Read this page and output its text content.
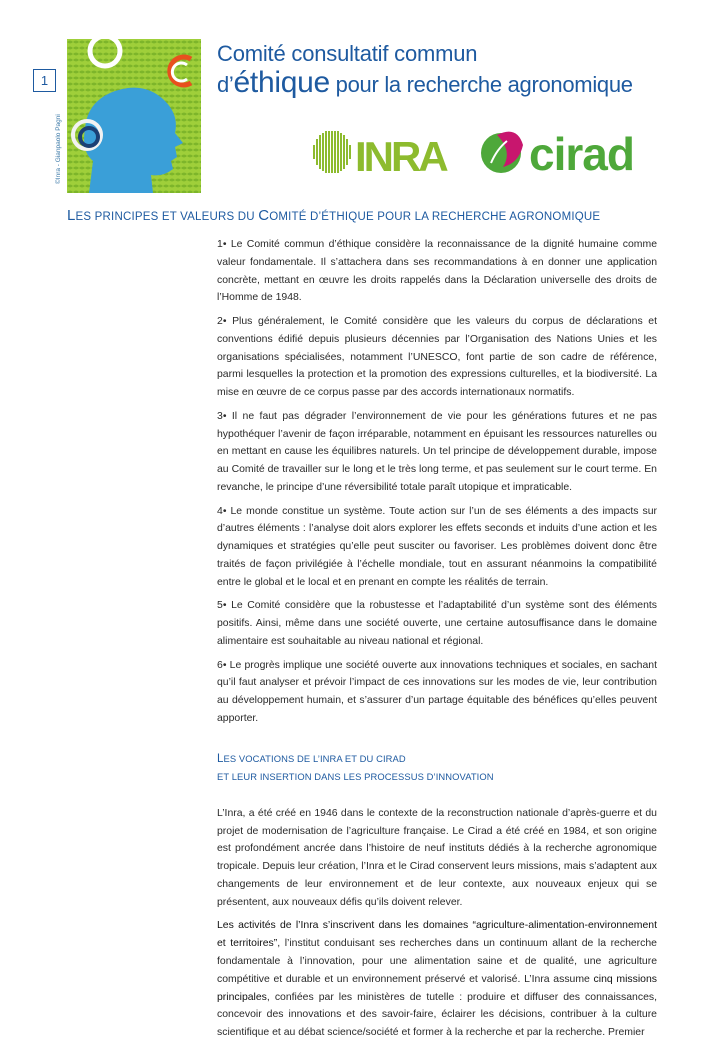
1
©Inra - Gianpaolo Pagni
Comité consultatif commun
d’éthique pour la recherche agronomique
INRA cirad
LES PRINCIPES ET VALEURS DU COMITÉ D’ÉTHIQUE POUR LA RECHERCHE AGRONOMIQUE

1• Le Comité commun d’éthique considère la reconnaissance de la dignité humaine comme valeur fondamentale. Il s’attachera dans ses recommandations à en donner une application concrète, mettant en œuvre les droits rappelés dans la Déclaration universelle des droits de l’Homme de 1948.

2• Plus généralement, le Comité considère que les valeurs du corpus de déclarations et conventions édifié depuis plusieurs décennies par l’Organisation des Nations Unies et les organisations spécialisées, notamment l’UNESCO, font partie de son cadre de référence, parmi lesquelles la protection et la promotion des expressions culturelles, et la biodiversité. La mise en œuvre de ce corpus passe par des accords internationaux normatifs.

3• Il ne faut pas dégrader l’environnement de vie pour les générations futures et ne pas hypothéquer l’avenir de façon irréparable, notamment en épuisant les ressources naturelles ou en mettant en cause les équilibres naturels. Un tel principe de développement durable, impose au Comité de travailler sur le long et le très long terme, et pas seulement sur le court terme. En revanche, le principe d’une réversibilité totale paraît utopique et impraticable.

4• Le monde constitue un système. Toute action sur l’un de ses éléments a des impacts sur d’autres éléments : l’analyse doit alors explorer les effets seconds et induits d’une action et les dynamiques et stratégies qu’elle peut susciter ou favoriser. Les problèmes doivent donc être traités de façon privilégiée à l’échelle mondiale, tout en assurant néanmoins la compatibilité entre le global et le local et en prenant en compte les réalités de terrain.

5• Le Comité considère que la robustesse et l’adaptabilité d’un système sont des éléments positifs. Ainsi, même dans une société ouverte, une certaine autosuffisance dans le domaine alimentaire est souhaitable au niveau national et régional.

6• Le progrès implique une société ouverte aux innovations techniques et sociales, en sachant qu’il faut analyser et prévoir l’impact de ces innovations sur les modes de vie, leur contribution au développement humain, et s’assurer d’un partage équitable des bénéfices qu’elles peuvent apporter.

LES VOCATIONS DE L’INRA ET DU CIRAD
ET LEUR INSERTION DANS LES PROCESSUS D’INNOVATION

L’Inra, a été créé en 1946 dans le contexte de la reconstruction nationale d’après-guerre et du projet de modernisation de l’agriculture française. Le Cirad a été créé en 1984, et son origine est profondément ancrée dans l’histoire de neuf instituts dédiés à la recherche agronomique tropicale. Depuis leur création, l’Inra et le Cirad conservent leurs missions, mais s’adaptent aux changements de leur environnement et de leur contexte, aux nouveaux enjeux qui se présentent, aux nouveaux défis qu’ils doivent relever.

Les activités de l’Inra s’inscrivent dans les domaines “agriculture-alimentation-environnement et territoires”, l’institut conduisant ses recherches dans un continuum allant de la recherche fondamentale à l’innovation, pour une alimentation saine et de qualité, une agriculture compétitive et durable et un environnement préservé et valorisé. L’Inra assume cinq missions principales, confiées par les ministères de tutelle : produire et diffuser des connaissances, concevoir des innovations et des savoir-faire, éclairer les décisions, contribuer à la culture scientifique et au débat science/société et former à la recherche et par la recherche. Premier
